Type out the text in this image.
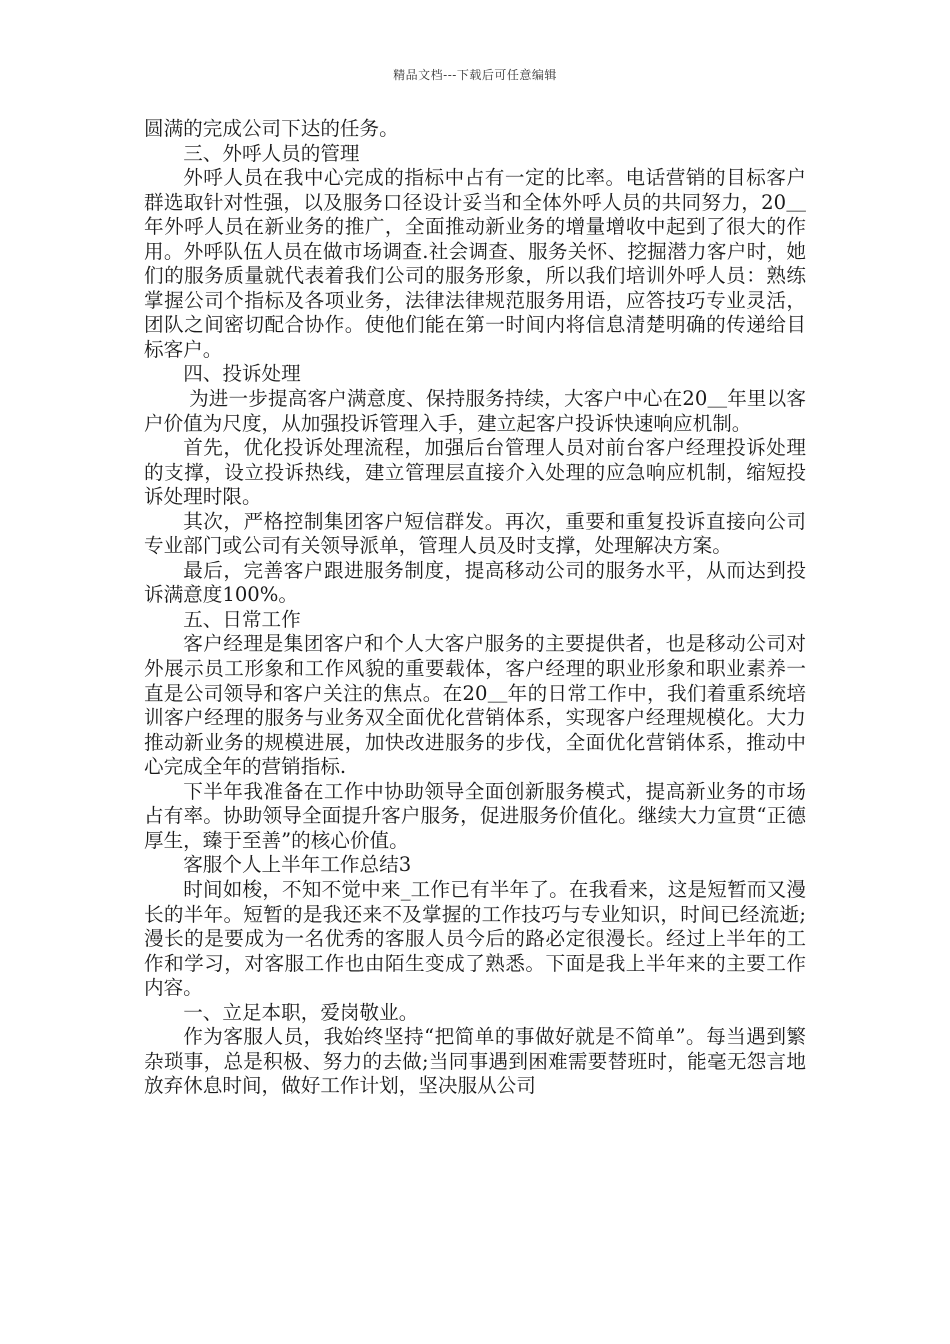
精品文档---下载后可任意编辑

圆满的完成公司下达的任务。

三、外呼人员的管理

外呼人员在我中心完成的指标中占有一定的比率。电话营销的目标客户群选取针对性强，以及服务口径设计妥当和全体外呼人员的共同努力，20＿年外呼人员在新业务的推广，全面推动新业务的增量增收中起到了很大的作用。外呼队伍人员在做市场调查.社会调查、服务关怀、挖掘潜力客户时，她们的服务质量就代表着我们公司的服务形象，所以我们培训外呼人员：熟练掌握公司个指标及各项业务，法律法律规范服务用语，应答技巧专业灵活，团队之间密切配合协作。使他们能在第一时间内将信息清楚明确的传递给目标客户。

四、投诉处理

为进一步提高客户满意度、保持服务持续，大客户中心在20＿年里以客户价值为尺度，从加强投诉管理入手，建立起客户投诉快速响应机制。

首先，优化投诉处理流程，加强后台管理人员对前台客户经理投诉处理的支撑，设立投诉热线，建立管理层直接介入处理的应急响应机制，缩短投诉处理时限。

其次，严格控制集团客户短信群发。再次，重要和重复投诉直接向公司专业部门或公司有关领导派单，管理人员及时支撑，处理解决方案。

最后，完善客户跟进服务制度，提高移动公司的服务水平，从而达到投诉满意度100%。

五、日常工作

客户经理是集团客户和个人大客户服务的主要提供者，也是移动公司对外展示员工形象和工作风貌的重要载体，客户经理的职业形象和职业素养一直是公司领导和客户关注的焦点。在20＿年的日常工作中，我们着重系统培训客户经理的服务与业务双全面优化营销体系，实现客户经理规模化。大力推动新业务的规模进展，加快改进服务的步伐，全面优化营销体系，推动中心完成全年的营销指标.

下半年我准备在工作中协助领导全面创新服务模式，提高新业务的市场占有率。协助领导全面提升客户服务，促进服务价值化。继续大力宣贯“正德厚生，臻于至善”的核心价值。

客服个人上半年工作总结3

时间如梭，不知不觉中来_工作已有半年了。在我看来，这是短暂而又漫长的半年。短暂的是我还来不及掌握的工作技巧与专业知识，时间已经流逝;漫长的是要成为一名优秀的客服人员今后的路必定很漫长。经过上半年的工作和学习，对客服工作也由陌生变成了熟悉。下面是我上半年来的主要工作内容。

一、立足本职，爱岗敬业。

作为客服人员，我始终坚持“把简单的事做好就是不简单”。每当遇到繁杂琐事，总是积极、努力的去做;当同事遇到困难需要替班时，能毫无怨言地放弃休息时间，做好工作计划，坚决服从公司
